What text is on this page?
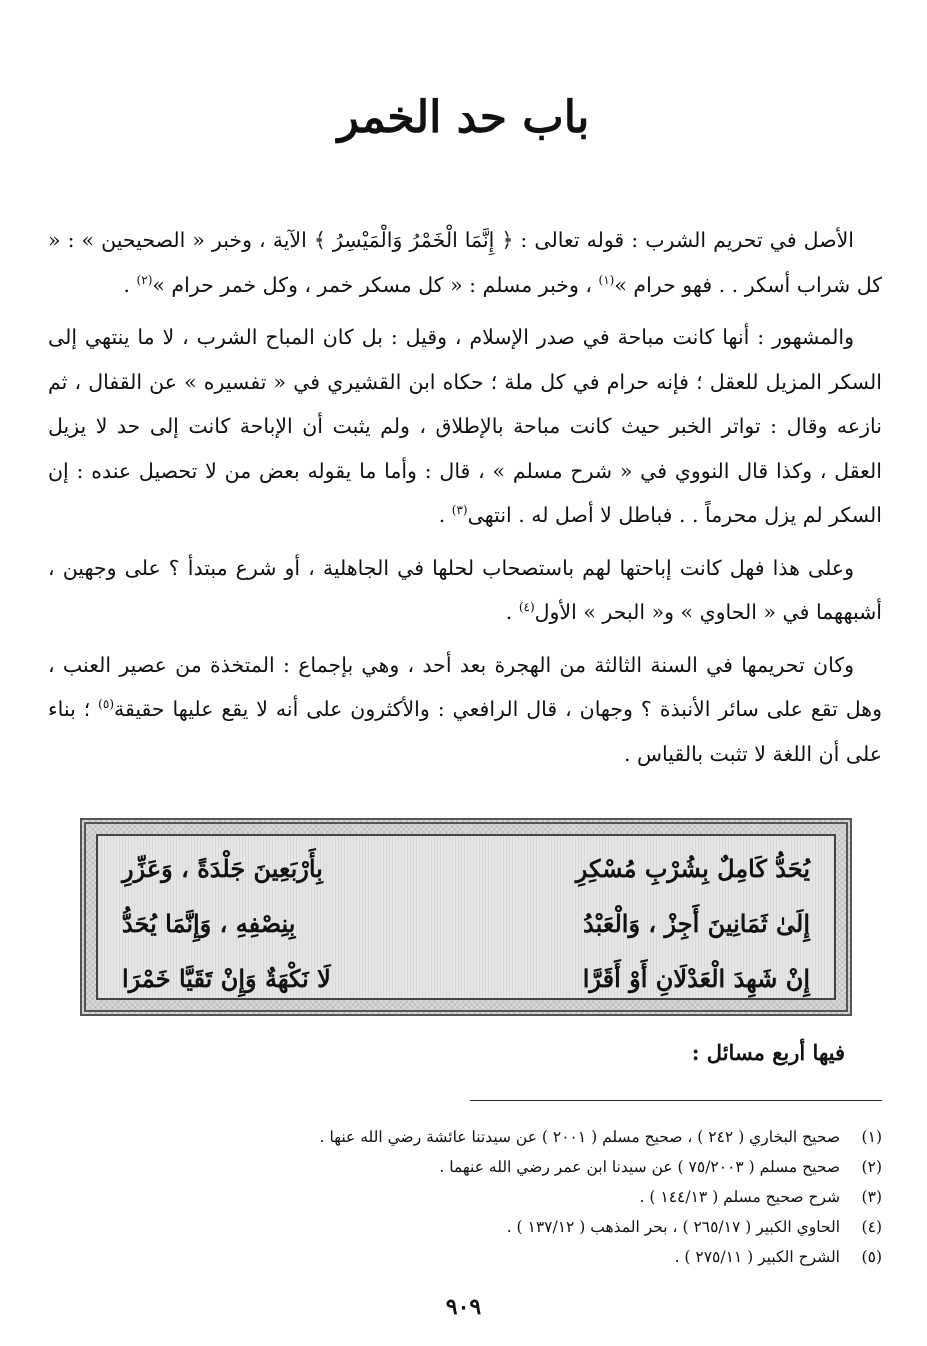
باب حد الخمر

الأصل في تحريم الشرب : قوله تعالى : ﴿ إِنَّمَا الْخَمْرُ وَالْمَيْسِرُ ﴾ الآية ، وخبر « الصحيحين » : « كل شراب أسكر . . فهو حرام »$^{(١)}$ ، وخبر مسلم : « كل مسكر خمر ، وكل خمر حرام »$^{(٢)}$ .

والمشهور : أنها كانت مباحة في صدر الإسلام ، وقيل : بل كان المباح الشرب ، لا ما ينتهي إلى السكر المزيل للعقل ؛ فإنه حرام في كل ملة ؛ حكاه ابن القشيري في « تفسيره » عن القفال ، ثم نازعه وقال : تواتر الخبر حيث كانت مباحة بالإطلاق ، ولم يثبت أن الإباحة كانت إلى حد لا يزيل العقل ، وكذا قال النووي في « شرح مسلم » ، قال : وأما ما يقوله بعض من لا تحصيل عنده : إن السكر لم يزل محرماً . . فباطل لا أصل له . انتهى$^{(٣)}$ .

وعلى هذا فهل كانت إباحتها لهم باستصحاب لحلها في الجاهلية ، أو شرع مبتدأ ؟ على وجهين ، أشبههما في « الحاوي » و« البحر » الأول$^{(٤)}$ .

وكان تحريمها في السنة الثالثة من الهجرة بعد أحد ، وهي بإجماع : المتخذة من عصير العنب ، وهل تقع على سائر الأنبذة ؟ وجهان ، قال الرافعي : والأكثرون على أنه لا يقع عليها حقيقة$^{(٥)}$ ؛ بناء على أن اللغة لا تثبت بالقياس .

يُحَدُّ كَامِلٌ بِشُرْبِ مُسْكِرِ
بِأَرْبَعِينَ جَلْدَةً ، وَعَزِّرِ
إِلَىٰ ثَمَانِينَ أَجِزْ ، وَالْعَبْدُ
بِنِصْفِهِ ، وَإِنَّمَا يُحَدُّ
إِنْ شَهِدَ الْعَدْلَانِ أَوْ أَقَرَّا
لَا نَكْهَةٌ وَإِنْ تَقَيَّا خَمْرَا
فيها أربع مسائل :
(١)
صحيح البخاري ( ٢٤٢ ) ، صحيح مسلم ( ٢٠٠١ ) عن سيدتنا عائشة رضي الله عنها .
(٢)
صحيح مسلم ( ٧٥/٢٠٠٣ ) عن سيدنا ابن عمر رضي الله عنهما .
(٣)
شرح صحيح مسلم ( ١٤٤/١٣ ) .
(٤)
الحاوي الكبير ( ٢٦٥/١٧ ) ، بحر المذهب ( ١٣٧/١٢ ) .
(٥)
الشرح الكبير ( ٢٧٥/١١ ) .
٩٠٩
